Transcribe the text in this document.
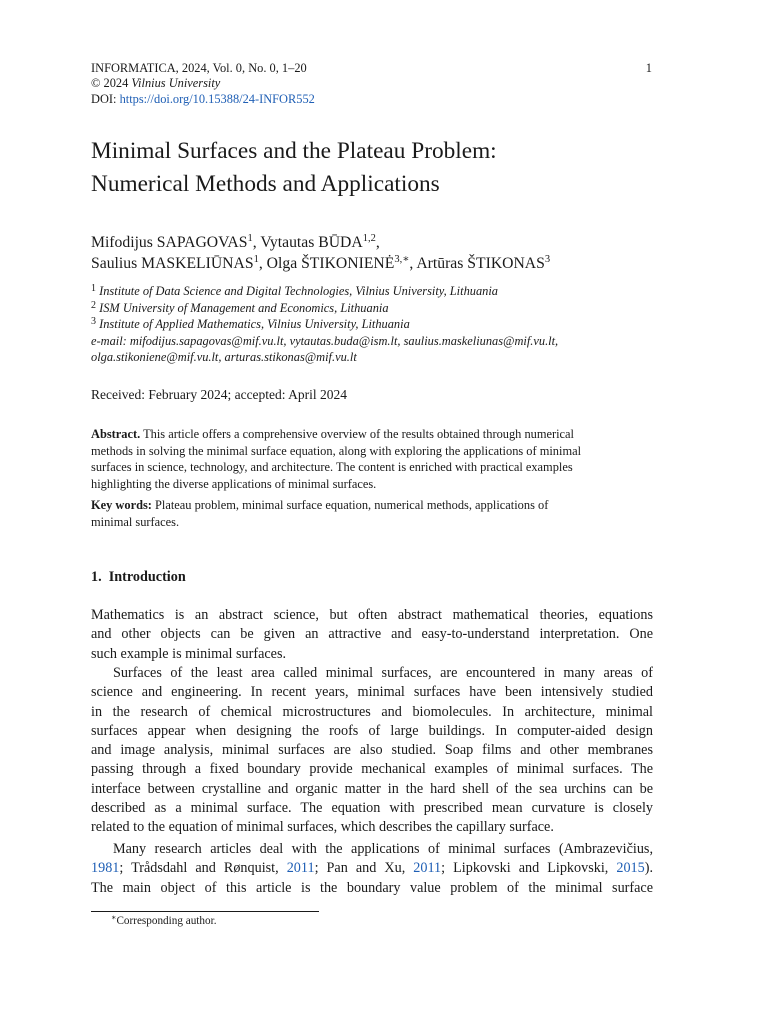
INFORMATICA, 2024, Vol. 0, No. 0, 1–20	1
© 2024 Vilnius University
DOI: https://doi.org/10.15388/24-INFOR552
Minimal Surfaces and the Plateau Problem:
Numerical Methods and Applications
Mifodijus SAPAGOVAS$^1$, Vytautas BŪDA$^{1,2}$,
Saulius MASKELIŪNAS$^1$, Olga $ŠTIKONIENĖ^{3,∗}$, Artūras ŠTIKONAS$^3$
$^1$ Institute of Data Science and Digital Technologies, Vilnius University, Lithuania
$^2$ ISM University of Management and Economics, Lithuania
$^3$ Institute of Applied Mathematics, Vilnius University, Lithuania
e-mail: mifodijus.sapagovas@mif.vu.lt, vytautas.buda@ism.lt, saulius.maskeliunas@mif.vu.lt,
olga.stikoniene@mif.vu.lt, arturas.stikonas@mif.vu.lt
Received: February 2024; accepted: April 2024
Abstract. This article offers a comprehensive overview of the results obtained through numerical
methods in solving the minimal surface equation, along with exploring the applications of minimal
surfaces in science, technology, and architecture. The content is enriched with practical examples
highlighting the diverse applications of minimal surfaces.
Key words: Plateau problem, minimal surface equation, numerical methods, applications of
minimal surfaces.
1. Introduction
Mathematics is an abstract science, but often abstract mathematical theories, equations
and other objects can be given an attractive and easy-to-understand interpretation. One
such example is minimal surfaces.
Surfaces of the least area called minimal surfaces, are encountered in many areas of
science and engineering. In recent years, minimal surfaces have been intensively studied
in the research of chemical microstructures and biomolecules. In architecture, minimal
surfaces appear when designing the roofs of large buildings. In computer-aided design
and image analysis, minimal surfaces are also studied. Soap films and other membranes
passing through a fixed boundary provide mechanical examples of minimal surfaces. The
interface between crystalline and organic matter in the hard shell of the sea urchins can be
described as a minimal surface. The equation with prescribed mean curvature is closely
related to the equation of minimal surfaces, which describes the capillary surface.
Many research articles deal with the applications of minimal surfaces (Ambrazevičius,
1981; Trådsdahl and Rønquist, 2011; Pan and Xu, 2011; Lipkovski and Lipkovski, 2015).
The main object of this article is the boundary value problem of the minimal surface
∗Corresponding author.
